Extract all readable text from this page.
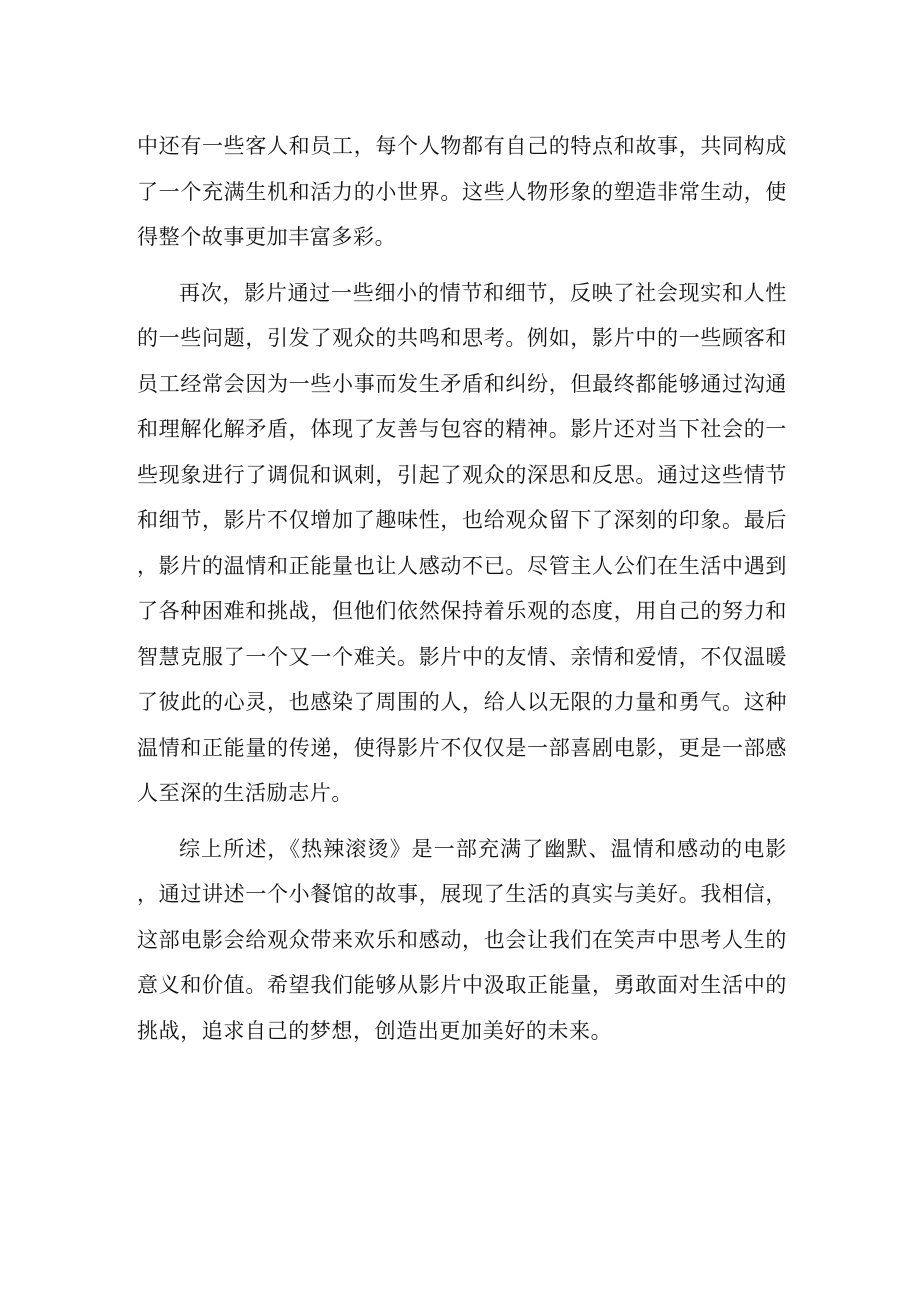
中还有一些客人和员工，每个人物都有自己的特点和故事，共同构成了一个充满生机和活力的小世界。这些人物形象的塑造非常生动，使得整个故事更加丰富多彩。

再次，影片通过一些细小的情节和细节，反映了社会现实和人性的一些问题，引发了观众的共鸣和思考。例如，影片中的一些顾客和员工经常会因为一些小事而发生矛盾和纠纷，但最终都能够通过沟通和理解化解矛盾，体现了友善与包容的精神。影片还对当下社会的一些现象进行了调侃和讽刺，引起了观众的深思和反思。通过这些情节和细节，影片不仅增加了趣味性，也给观众留下了深刻的印象。最后，影片的温情和正能量也让人感动不已。尽管主人公们在生活中遇到了各种困难和挑战，但他们依然保持着乐观的态度，用自己的努力和智慧克服了一个又一个难关。影片中的友情、亲情和爱情，不仅温暖了彼此的心灵，也感染了周围的人，给人以无限的力量和勇气。这种温情和正能量的传递，使得影片不仅仅是一部喜剧电影，更是一部感人至深的生活励志片。

综上所述，《热辣滚烫》是一部充满了幽默、温情和感动的电影，通过讲述一个小餐馆的故事，展现了生活的真实与美好。我相信，这部电影会给观众带来欢乐和感动，也会让我们在笑声中思考人生的意义和价值。希望我们能够从影片中汲取正能量，勇敢面对生活中的挑战，追求自己的梦想，创造出更加美好的未来。
